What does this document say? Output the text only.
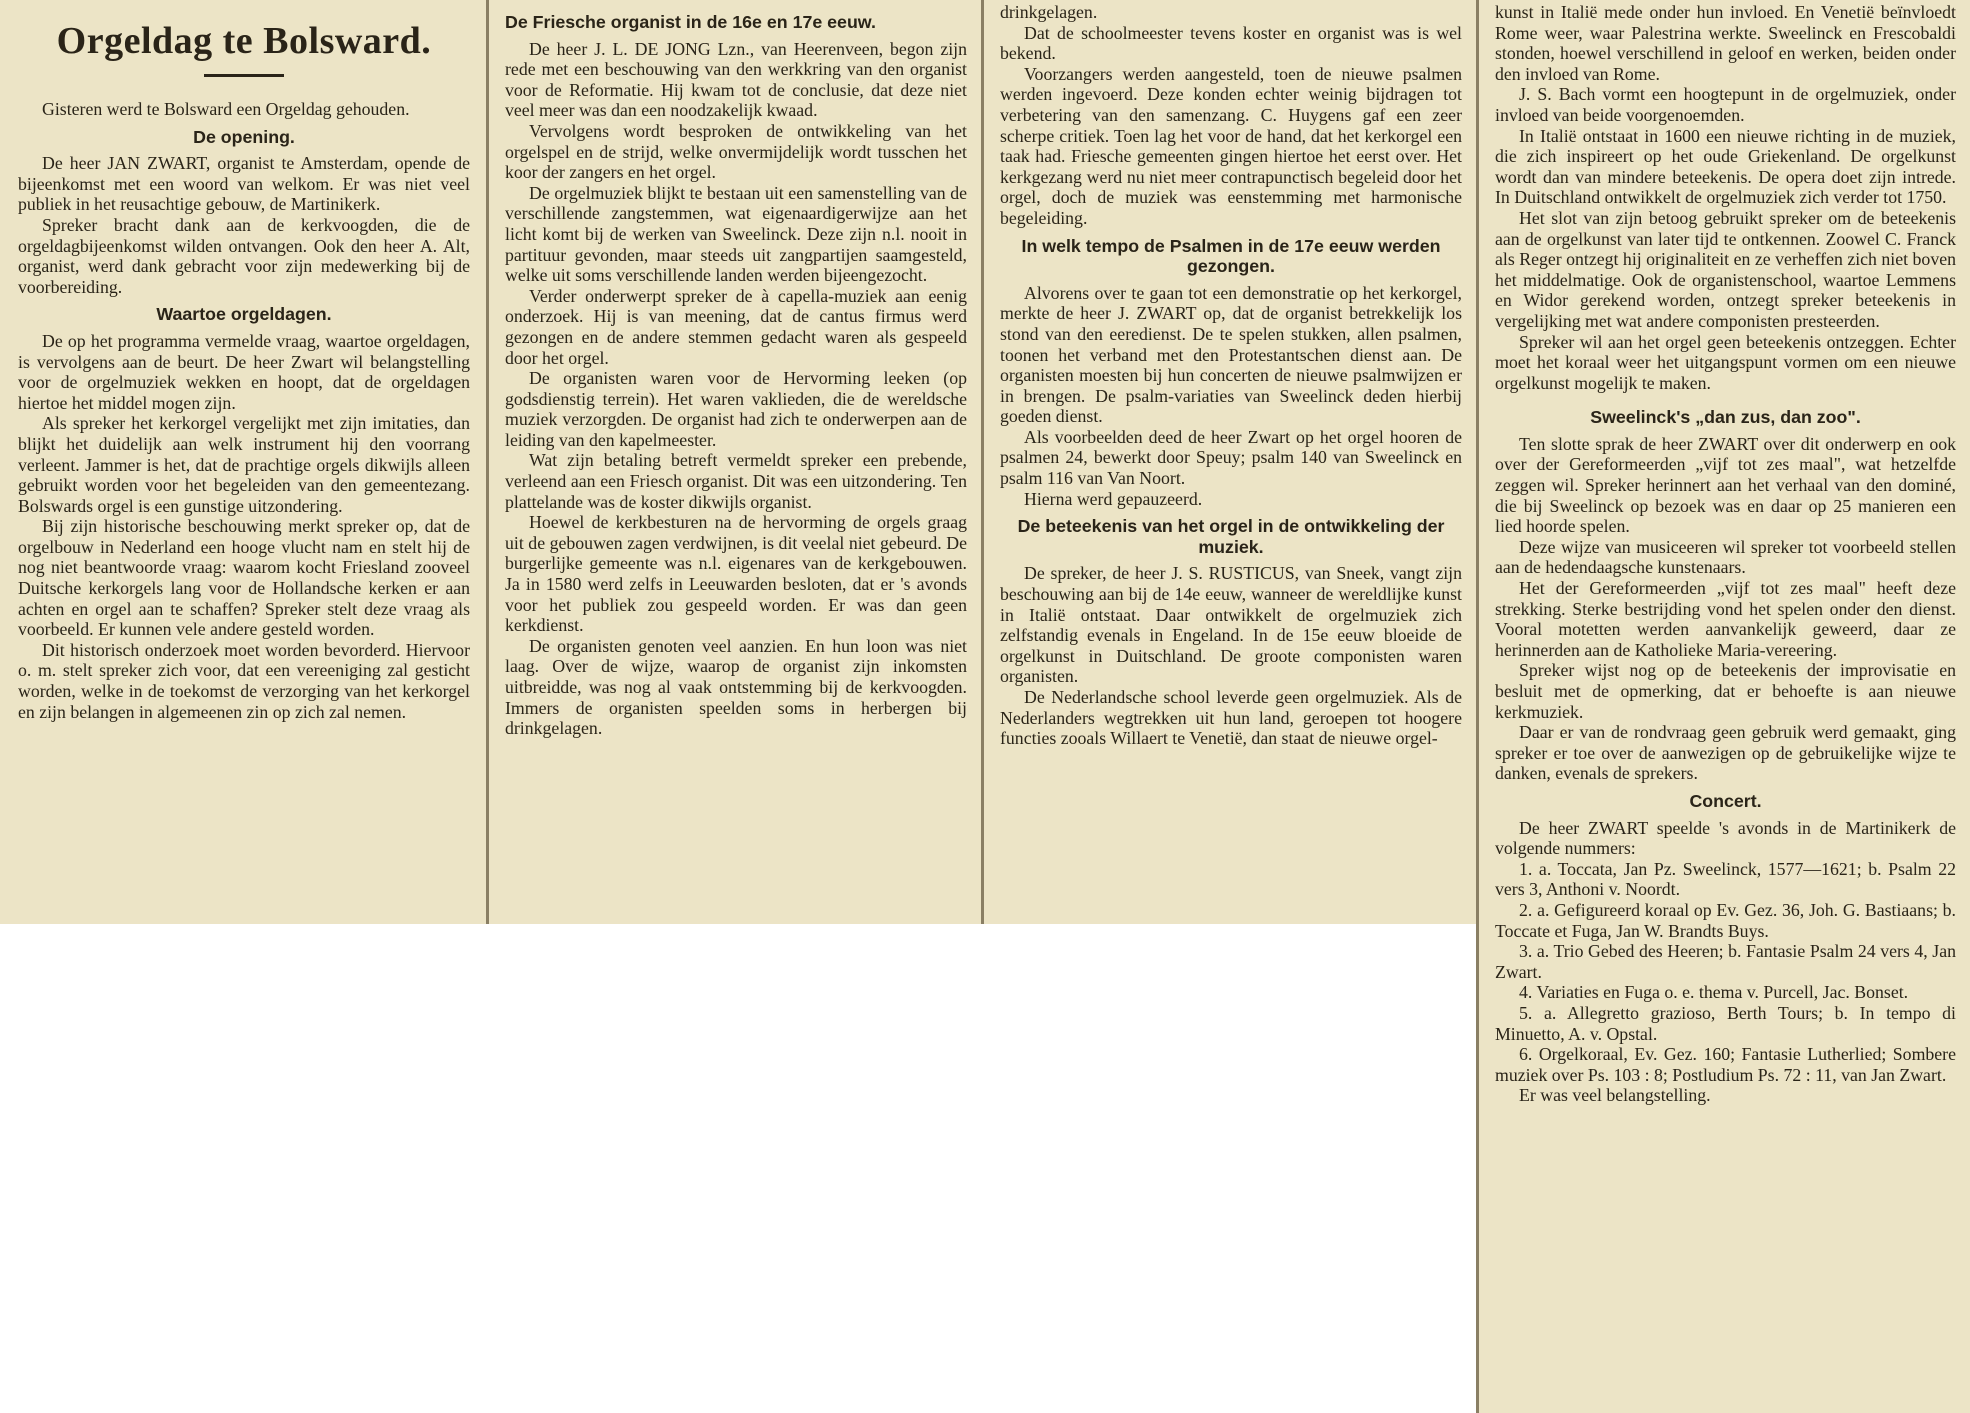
Orgeldag te Bolsward.

Gisteren werd te Bolsward een Orgeldag gehouden.

De opening.

De heer JAN ZWART, organist te Amsterdam, opende de bijeenkomst met een woord van welkom. Er was niet veel publiek in het reusachtige gebouw, de Martinikerk.

Spreker bracht dank aan de kerkvoogden, die de orgeldagbijeenkomst wilden ontvangen. Ook den heer A. Alt, organist, werd dank gebracht voor zijn medewerking bij de voorbereiding.

Waartoe orgeldagen.

De op het programma vermelde vraag, waartoe orgeldagen, is vervolgens aan de beurt. De heer Zwart wil belangstelling voor de orgelmuziek wekken en hoopt, dat de orgeldagen hiertoe het middel mogen zijn.

Als spreker het kerkorgel vergelijkt met zijn imitaties, dan blijkt het duidelijk aan welk instrument hij den voorrang verleent. Jammer is het, dat de prachtige orgels dikwijls alleen gebruikt worden voor het begeleiden van den gemeentezang. Bolswards orgel is een gunstige uitzondering.

Bij zijn historische beschouwing merkt spreker op, dat de orgelbouw in Nederland een hooge vlucht nam en stelt hij de nog niet beantwoorde vraag: waarom kocht Friesland zooveel Duitsche kerkorgels lang voor de Hollandsche kerken er aan achten en orgel aan te schaffen? Spreker stelt deze vraag als voorbeeld. Er kunnen vele andere gesteld worden.

Dit historisch onderzoek moet worden bevorderd. Hiervoor o. m. stelt spreker zich voor, dat een vereeniging zal gesticht worden, welke in de toekomst de verzorging van het kerkorgel en zijn belangen in algemeenen zin op zich zal nemen.

De Friesche organist in de 16e en 17e eeuw.

De heer J. L. DE JONG Lzn., van Heerenveen, begon zijn rede met een beschouwing van den werkkring van den organist voor de Reformatie. Hij kwam tot de conclusie, dat deze niet veel meer was dan een noodzakelijk kwaad.

Vervolgens wordt besproken de ontwikkeling van het orgelspel en de strijd, welke onvermijdelijk wordt tusschen het koor der zangers en het orgel.

De orgelmuziek blijkt te bestaan uit een samenstelling van de verschillende zangstemmen, wat eigenaardigerwijze aan het licht komt bij de werken van Sweelinck. Deze zijn n.l. nooit in partituur gevonden, maar steeds uit zangpartijen saamgesteld, welke uit soms verschillende landen werden bijeengezocht.

Verder onderwerpt spreker de à capella-muziek aan eenig onderzoek. Hij is van meening, dat de cantus firmus werd gezongen en de andere stemmen gedacht waren als gespeeld door het orgel.

De organisten waren voor de Hervorming leeken (op godsdienstig terrein). Het waren vaklieden, die de wereldsche muziek verzorgden. De organist had zich te onderwerpen aan de leiding van den kapelmeester.

Wat zijn betaling betreft vermeldt spreker een prebende, verleend aan een Friesch organist. Dit was een uitzondering. Ten plattelande was de koster dikwijls organist.

Hoewel de kerkbesturen na de hervorming de orgels graag uit de gebouwen zagen verdwijnen, is dit veelal niet gebeurd. De burgerlijke gemeente was n.l. eigenares van de kerkgebouwen. Ja in 1580 werd zelfs in Leeuwarden besloten, dat er 's avonds voor het publiek zou gespeeld worden. Er was dan geen kerkdienst.

De organisten genoten veel aanzien. En hun loon was niet laag. Over de wijze, waarop de organist zijn inkomsten uitbreidde, was nog al vaak ontstemming bij de kerkvoogden. Immers de organisten speelden soms in herbergen bij drinkgelagen.

drinkgelagen.

Dat de schoolmeester tevens koster en organist was is wel bekend.

Voorzangers werden aangesteld, toen de nieuwe psalmen werden ingevoerd. Deze konden echter weinig bijdragen tot verbetering van den samenzang. C. Huygens gaf een zeer scherpe critiek. Toen lag het voor de hand, dat het kerkorgel een taak had. Friesche gemeenten gingen hiertoe het eerst over. Het kerkgezang werd nu niet meer contrapunctisch begeleid door het orgel, doch de muziek was eenstemming met harmonische begeleiding.

In welk tempo de Psalmen in de 17e eeuw werden gezongen.

Alvorens over te gaan tot een demonstratie op het kerkorgel, merkte de heer J. ZWART op, dat de organist betrekkelijk los stond van den eeredienst. De te spelen stukken, allen psalmen, toonen het verband met den Protestantschen dienst aan. De organisten moesten bij hun concerten de nieuwe psalmwijzen er in brengen. De psalm-variaties van Sweelinck deden hierbij goeden dienst.

Als voorbeelden deed de heer Zwart op het orgel hooren de psalmen 24, bewerkt door Speuy; psalm 140 van Sweelinck en psalm 116 van Van Noort.

Hierna werd gepauzeerd.

De beteekenis van het orgel in de ontwikkeling der muziek.

De spreker, de heer J. S. RUSTICUS, van Sneek, vangt zijn beschouwing aan bij de 14e eeuw, wanneer de wereldlijke kunst in Italië ontstaat. Daar ontwikkelt de orgelmuziek zich zelfstandig evenals in Engeland. In de 15e eeuw bloeide de orgelkunst in Duitschland. De groote componisten waren organisten.

De Nederlandsche school leverde geen orgelmuziek. Als de Nederlanders wegtrekken uit hun land, geroepen tot hoogere functies zooals Willaert te Venetië, dan staat de nieuwe orgel-

kunst in Italië mede onder hun invloed. En Venetië beïnvloedt Rome weer, waar Palestrina werkte. Sweelinck en Frescobaldi stonden, hoewel verschillend in geloof en werken, beiden onder den invloed van Rome.

J. S. Bach vormt een hoogtepunt in de orgelmuziek, onder invloed van beide voorgenoemden.

In Italië ontstaat in 1600 een nieuwe richting in de muziek, die zich inspireert op het oude Griekenland. De orgelkunst wordt dan van mindere beteekenis. De opera doet zijn intrede. In Duitschland ontwikkelt de orgelmuziek zich verder tot 1750.

Het slot van zijn betoog gebruikt spreker om de beteekenis aan de orgelkunst van later tijd te ontkennen. Zoowel C. Franck als Reger ontzegt hij originaliteit en ze verheffen zich niet boven het middelmatige. Ook de organistenschool, waartoe Lemmens en Widor gerekend worden, ontzegt spreker beteekenis in vergelijking met wat andere componisten presteerden.

Spreker wil aan het orgel geen beteekenis ontzeggen. Echter moet het koraal weer het uitgangspunt vormen om een nieuwe orgelkunst mogelijk te maken.

Sweelinck's „dan zus, dan zoo".

Ten slotte sprak de heer ZWART over dit onderwerp en ook over der Gereformeerden „vijf tot zes maal", wat hetzelfde zeggen wil. Spreker herinnert aan het verhaal van den dominé, die bij Sweelinck op bezoek was en daar op 25 manieren een lied hoorde spelen.

Deze wijze van musiceeren wil spreker tot voorbeeld stellen aan de hedendaagsche kunstenaars.

Het der Gereformeerden „vijf tot zes maal" heeft deze strekking. Sterke bestrijding vond het spelen onder den dienst. Vooral motetten werden aanvankelijk geweerd, daar ze herinnerden aan de Katholieke Maria-vereering.

Spreker wijst nog op de beteekenis der improvisatie en besluit met de opmerking, dat er behoefte is aan nieuwe kerkmuziek.

Daar er van de rondvraag geen gebruik werd gemaakt, ging spreker er toe over de aanwezigen op de gebruikelijke wijze te danken, evenals de sprekers.

Concert.

De heer ZWART speelde 's avonds in de Martinikerk de volgende nummers:

1. a. Toccata, Jan Pz. Sweelinck, 1577—1621; b. Psalm 22 vers 3, Anthoni v. Noordt.

2. a. Gefigureerd koraal op Ev. Gez. 36, Joh. G. Bastiaans; b. Toccate et Fuga, Jan W. Brandts Buys.

3. a. Trio Gebed des Heeren; b. Fantasie Psalm 24 vers 4, Jan Zwart.

4. Variaties en Fuga o. e. thema v. Purcell, Jac. Bonset.

5. a. Allegretto grazioso, Berth Tours; b. In tempo di Minuetto, A. v. Opstal.

6. Orgelkoraal, Ev. Gez. 160; Fantasie Lutherlied; Sombere muziek over Ps. 103 : 8; Postludium Ps. 72 : 11, van Jan Zwart.

Er was veel belangstelling.
